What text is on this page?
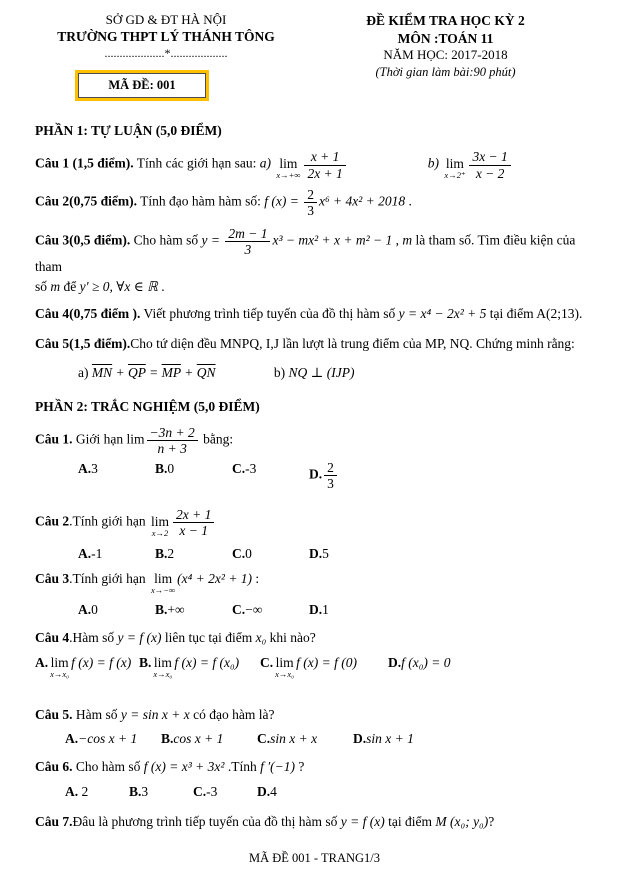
SỞ GD & ĐT HÀ NỘI
TRƯỜNG THPT LÝ THÁNH TÔNG
....................*...................
MÃ ĐỀ: 001
ĐỀ KIỂM TRA HỌC KỲ 2
MÔN :TOÁN 11
NĂM HỌC: 2017-2018
(Thời gian làm bài:90 phút)
PHẦN 1: TỰ LUẬN (5,0 ĐIỂM)
Câu 1 (1,5 điểm). Tính các giới hạn sau: a) lim
$x\to+\infty \frac{x + 1}{2x + 1}$	b) lim
$x\to 2^+ \frac{3x - 1}{x - 2}$
Câu 2(0,75 điểm). Tính đạo hàm hàm số: f $(x) = \frac{2}{3} x^6 + 4x^2 + 2018$ .
Câu 3(0,5 điểm). Cho hàm số $y = \frac{2m - 1}{3} x^3 - mx^2 + x + m^2 - 1$ , m là tham số. Tìm điều kiện của tham
số m để y′ ≥ 0, ∀x ∈ ℝ .
Câu 4(0,75 điểm ). Viết phương trình tiếp tuyến của đồ thị hàm số y = x⁴ − 2x² + 5 tại điểm A(2;13).
Câu 5(1,5 điểm).Cho tứ diện đều MNPQ, I,J lần lượt là trung điểm của MP, NQ. Chứng minh rằng:
a) $\overline{MN} + \overline{QP} = \overline{MP} + \overline{QN}$	b) NQ ⊥ (IJP)
PHẦN 2: TRẮC NGHIỆM (5,0 ĐIỂM)
Câu 1. Giới hạn $\lim \frac{-3n + 2}{n + 3}$ bằng:
A.3	B.0	C.-3	D. $\frac{2}{3}$
Câu 2.Tính giới hạn lim
$x\to 2 \frac{2x + 1}{x - 1}$
A.-1	B.2	C.0	D.5
Câu 3.Tính giới hạn lim
x→−∞
(x⁴ + 2x² + 1) :
A.0	B.+∞	C.−∞	D.1
Câu 4.Hàm số y = f (x) liên tục tại điểm x₀ khi nào?
A. lim
x→x₀
f (x) = f (x) B. lim
x→x₀
f (x) = f (x₀)	C. lim
x→x₀
f (x) = f (0)	D.f (x₀) = 0
Câu 5. Hàm số y = sin x + x có đạo hàm là?
A.−cos x + 1	B.cos x + 1	C.sin x + x	D.sin x + 1
Câu 6. Cho hàm số f (x) = x³ + 3x² .Tính f ′(−1) ?
A. 2	B.3	C.-3	D.4
Câu 7.Đâu là phương trình tiếp tuyến của đồ thị hàm số y = f (x) tại điểm M (x₀; y₀)?
MÃ ĐỀ 001 - TRANG1/3
